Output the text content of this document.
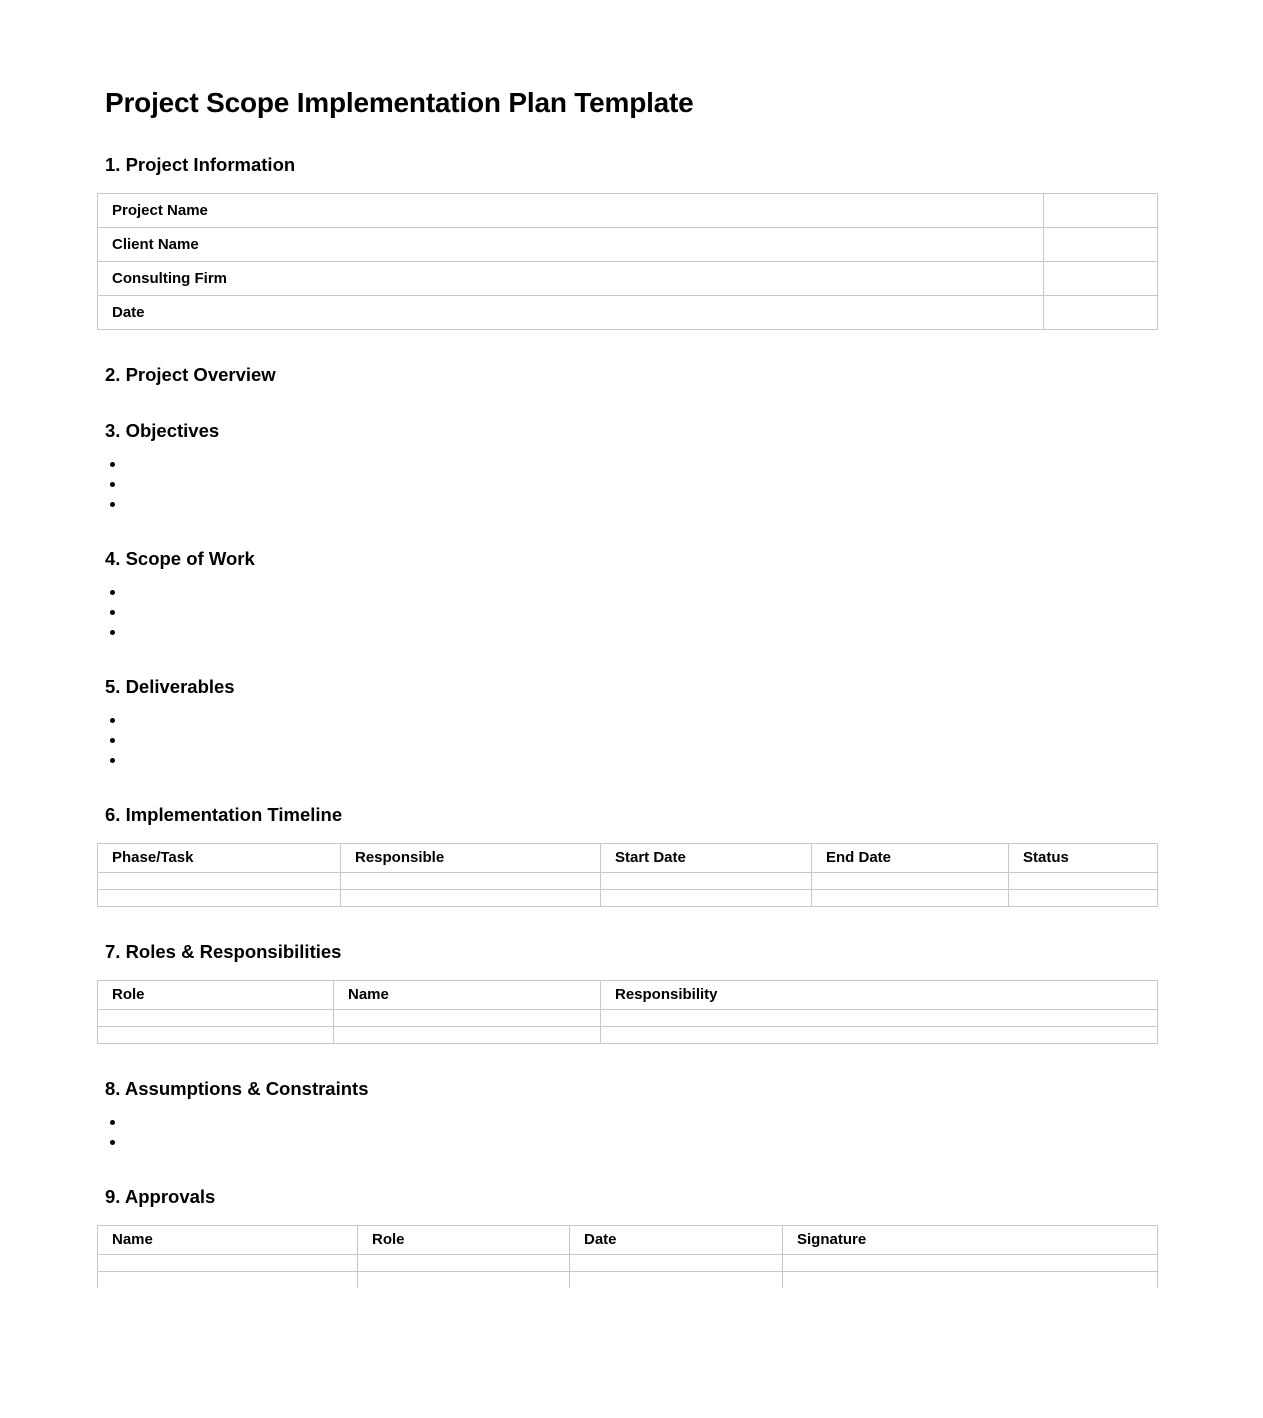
Project Scope Implementation Plan Template
1. Project Information
Project Name	
Client Name	
Consulting Firm	
Date	
2. Project Overview
3. Objectives
4. Scope of Work
5. Deliverables
6. Implementation Timeline
Phase/Task	Responsible	Start Date	End Date	Status

7. Roles & Responsibilities
Role	Name	Responsibility

8. Assumptions & Constraints
9. Approvals
Name	Role	Date	Signature
